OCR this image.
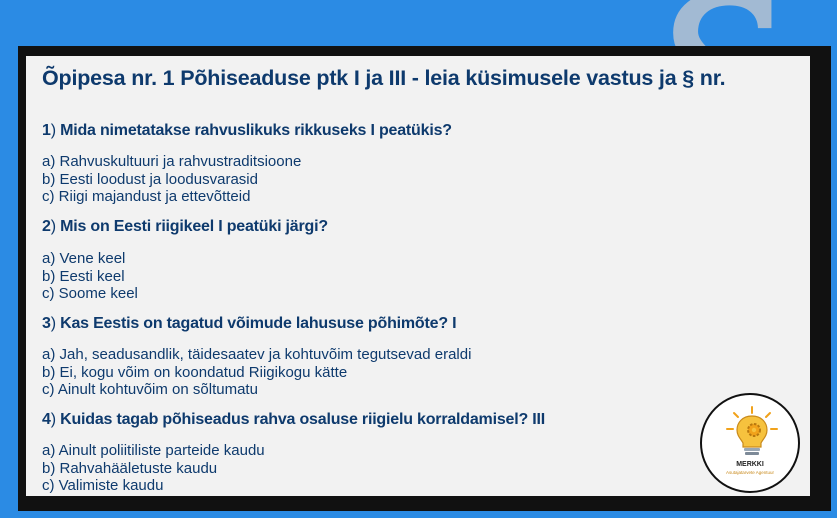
Õpipesa nr. 1 Põhiseaduse ptk I ja III - leia küsimusele vastus ja § nr.
1) Mida nimetatakse rahvuslikuks rikkuseks I peatükis?
a) Rahvuskultuuri ja rahvustraditsioone
b) Eesti loodust ja loodusvarasid
c) Riigi majandust ja ettevõtteid
2) Mis on Eesti riigikeel I peatüki järgi?
a) Vene keel
b) Eesti keel
c) Soome keel
3) Kas Eestis on tagatud võimude lahususe põhimõte? I
a) Jah, seadusandlik, täidesaatev ja kohtuvõim tegutsevad eraldi
b) Ei, kogu võim on koondatud Riigikogu kätte
c) Ainult kohtuvõim on sõltumatu
4) Kuidas tagab põhiseadus rahva osaluse riigielu korraldamisel? III
a) Ainult poliitiliste parteide kaudu
b) Rahvahääletuste kaudu
c) Valimiste kaudu
MERKKI
Asutajatarvete Agentuur
